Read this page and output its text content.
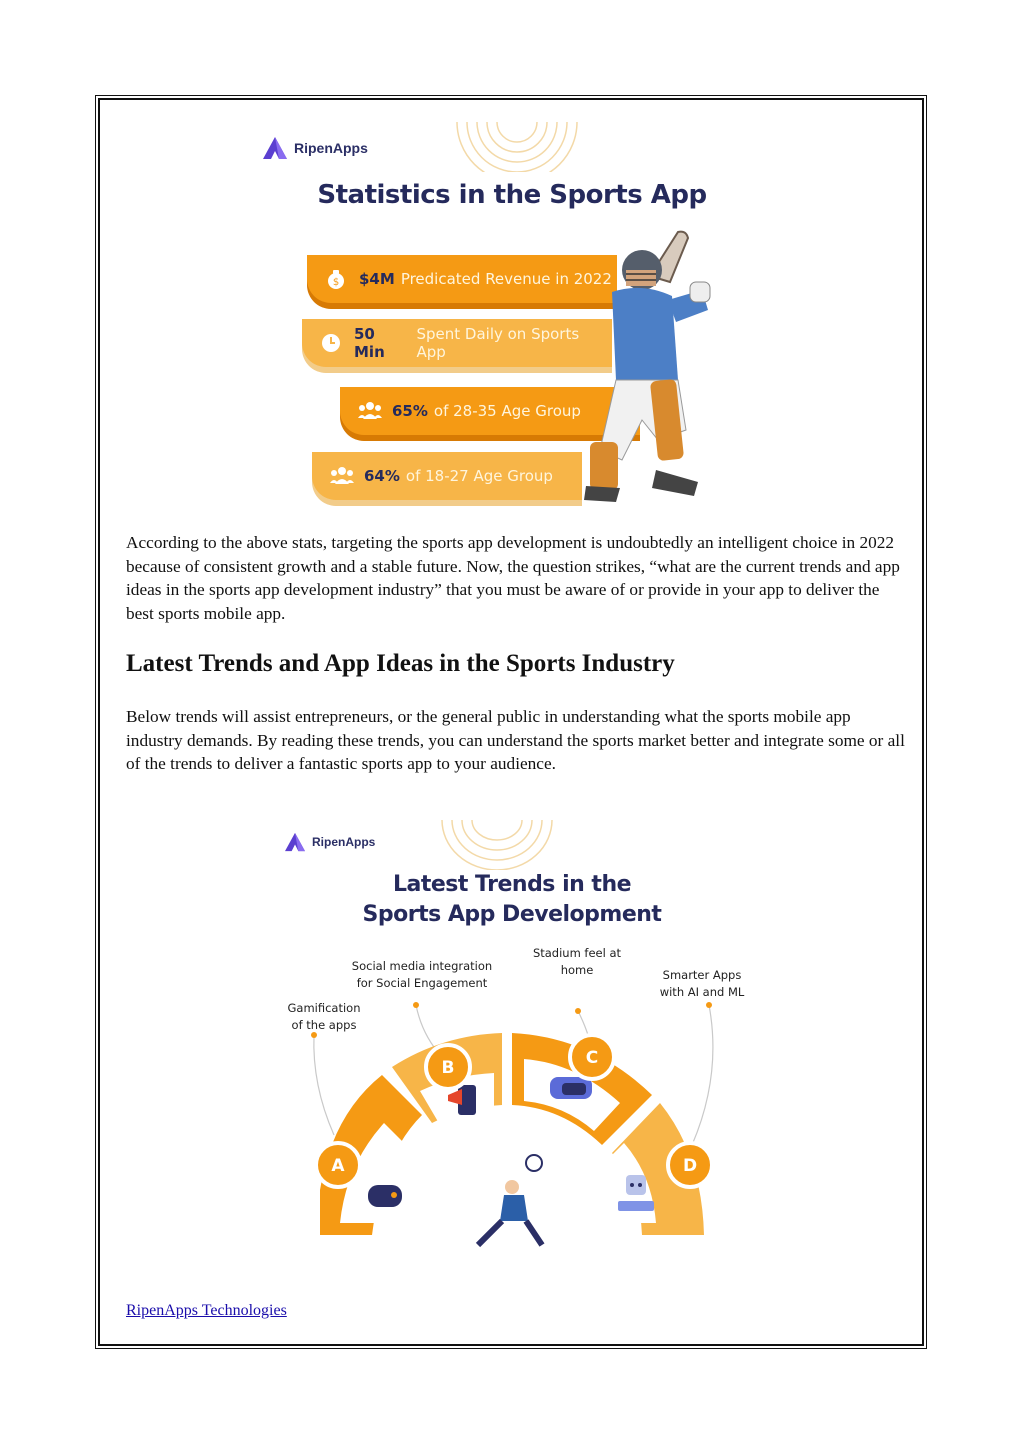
RipenApps
Statistics in the Sports App
$ $4M Predicated Revenue in 2022
50 Min
Spent Daily on Sports App
65% of 28-35 Age Group
64% of 18-27 Age Group

According to the above stats, targeting the sports app development is undoubtedly an intelligent choice in 2022 because of consistent growth and a stable future. Now, the question strikes, “what are the current trends and app ideas in the sports app development industry” that you must be aware of or provide in your app to deliver the best sports mobile app.

Latest Trends and App Ideas in the Sports Industry

Below trends will assist entrepreneurs, or the general public in understanding what the sports mobile app industry demands. By reading these trends, you can understand the sports market better and integrate some or all of the trends to deliver a fantastic sports app to your audience.

RipenApps
Latest Trends in the
Sports App Development
Gamification
of the apps
Social media integration
for Social Engagement
Stadium feel at
home	Smarter Apps
with AI and ML
A
B	C
D
RipenApps Technologies
